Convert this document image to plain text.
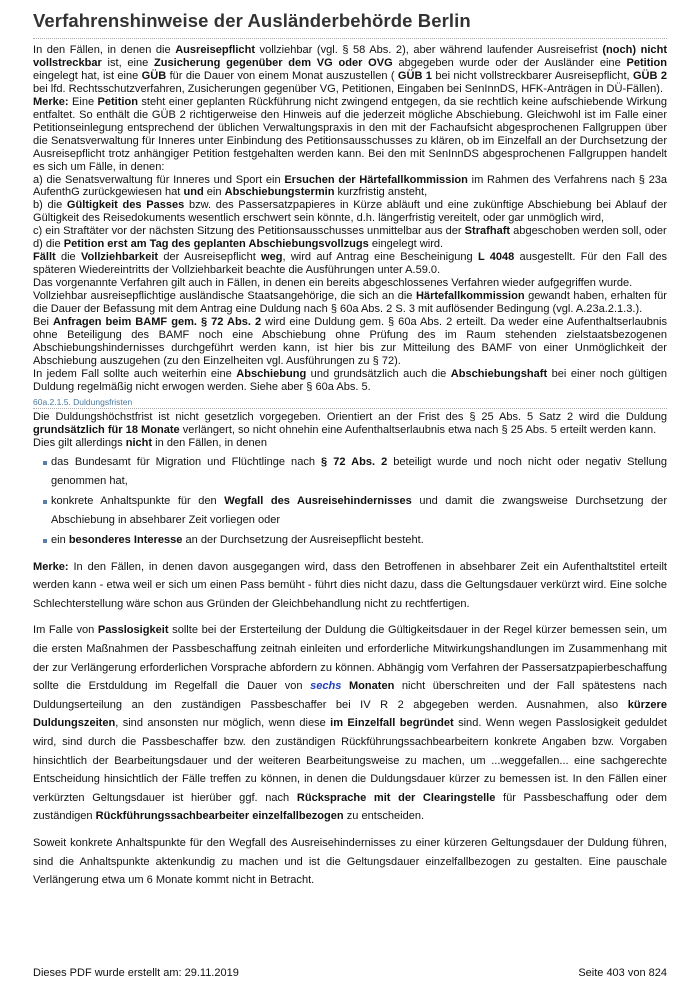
Verfahrenshinweise der Ausländerbehörde Berlin

In den Fällen, in denen die Ausreisepflicht vollziehbar (vgl. § 58 Abs. 2), aber während laufender Ausreisefrist (noch) nicht vollstreckbar ist, eine Zusicherung gegenüber dem VG oder OVG abgegeben wurde oder der Ausländer eine Petition eingelegt hat, ist eine GÜB für die Dauer von einem Monat auszustellen ( GÜB 1 bei nicht vollstreckbarer Ausreisepflicht, GÜB 2 bei lfd. Rechtsschutzverfahren, Zusicherungen gegenüber VG, Petitionen, Eingaben bei SenInnDS, HFK-Anträgen in DÜ-Fällen).

Merke: Eine Petition steht einer geplanten Rückführung nicht zwingend entgegen, da sie rechtlich keine aufschiebende Wirkung entfaltet. So enthält die GÜB 2 richtigerweise den Hinweis auf die jederzeit mögliche Abschiebung. Gleichwohl ist im Falle einer Petitionseinlegung entsprechend der üblichen Verwaltungspraxis in den mit der Fachaufsicht abgesprochenen Fallgruppen über die Senatsverwaltung für Inneres unter Einbindung des Petitionsausschusses zu klären, ob im Einzelfall an der Durchsetzung der Ausreisepflicht trotz anhängiger Petition festgehalten werden kann. Bei den mit SenInnDS abgesprochenen Fallgruppen handelt es sich um Fälle, in denen:

a) die Senatsverwaltung für Inneres und Sport ein Ersuchen der Härtefallkommission im Rahmen des Verfahrens nach § 23a AufenthG zurückgewiesen hat und ein Abschiebungstermin kurzfristig ansteht,

b) die Gültigkeit des Passes bzw. des Passersatzpapieres in Kürze abläuft und eine zukünftige Abschiebung bei Ablauf der Gültigkeit des Reisedokuments wesentlich erschwert sein könnte, d.h. längerfristig vereitelt, oder gar unmöglich wird,

c) ein Straftäter vor der nächsten Sitzung des Petitionsausschusses unmittelbar aus der Strafhaft abgeschoben werden soll, oder

d) die Petition erst am Tag des geplanten Abschiebungsvollzugs eingelegt wird.

Fällt die Vollziehbarkeit der Ausreisepflicht weg, wird auf Antrag eine Bescheinigung L 4048 ausgestellt. Für den Fall des späteren Wiedereintritts der Vollziehbarkeit beachte die Ausführungen unter A.59.0.

Das vorgenannte Verfahren gilt auch in Fällen, in denen ein bereits abgeschlossenes Verfahren wieder aufgegriffen wurde.

Vollziehbar ausreisepflichtige ausländische Staatsangehörige, die sich an die Härtefallkommission gewandt haben, erhalten für die Dauer der Befassung mit dem Antrag eine Duldung nach § 60a Abs. 2 S. 3 mit auflösender Bedingung (vgl. A.23a.2.1.3.).

Bei Anfragen beim BAMF gem. § 72 Abs. 2 wird eine Duldung gem. § 60a Abs. 2 erteilt. Da weder eine Aufenthaltserlaubnis ohne Beteiligung des BAMF noch eine Abschiebung ohne Prüfung des im Raum stehenden zielstaatsbezogenen Abschiebungshindernisses durchgeführt werden kann, ist hier bis zur Mitteilung des BAMF von einer Unmöglichkeit der Abschiebung auszugehen (zu den Einzelheiten vgl. Ausführungen zu § 72).

In jedem Fall sollte auch weiterhin eine Abschiebung und grundsätzlich auch die Abschiebungshaft bei einer noch gültigen Duldung regelmäßig nicht erwogen werden. Siehe aber § 60a Abs. 5.

60a.2.1.5. Duldungsfristen

Die Duldungshöchstfrist ist nicht gesetzlich vorgegeben. Orientiert an der Frist des § 25 Abs. 5 Satz 2 wird die Duldung grundsätzlich für 18 Monate verlängert, so nicht ohnehin eine Aufenthaltserlaubnis etwa nach § 25 Abs. 5 erteilt werden kann.

Dies gilt allerdings nicht in den Fällen, in denen

das Bundesamt für Migration und Flüchtlinge nach § 72 Abs. 2 beteiligt wurde und noch nicht oder negativ Stellung genommen hat,
konkrete Anhaltspunkte für den Wegfall des Ausreisehindernisses und damit die zwangsweise Durchsetzung der Abschiebung in absehbarer Zeit vorliegen oder
ein besonderes Interesse an der Durchsetzung der Ausreisepflicht besteht.

Merke: In den Fällen, in denen davon ausgegangen wird, dass den Betroffenen in absehbarer Zeit ein Aufenthaltstitel erteilt werden kann - etwa weil er sich um einen Pass bemüht - führt dies nicht dazu, dass die Geltungsdauer verkürzt wird. Eine solche Schlechterstellung wäre schon aus Gründen der Gleichbehandlung nicht zu rechtfertigen.

Im Falle von Passlosigkeit sollte bei der Ersterteilung der Duldung die Gültigkeitsdauer in der Regel kürzer bemessen sein, um die ersten Maßnahmen der Passbeschaffung zeitnah einleiten und erforderliche Mitwirkungshandlungen im Zusammenhang mit der zur Verlängerung erforderlichen Vorsprache abfordern zu können. Abhängig vom Verfahren der Passersatzpapierbeschaffung sollte die Erstduldung im Regelfall die Dauer von sechs Monaten nicht überschreiten und der Fall spätestens nach Duldungserteilung an den zuständigen Passbeschaffer bei IV R 2 abgegeben werden. Ausnahmen, also kürzere Duldungszeiten, sind ansonsten nur möglich, wenn diese im Einzelfall begründet sind. Wenn wegen Passlosigkeit geduldet wird, sind durch die Passbeschaffer bzw. den zuständigen Rückführungssachbearbeitern konkrete Angaben bzw. Vorgaben hinsichtlich der Bearbeitungsdauer und der weiteren Bearbeitungsweise zu machen, um ...weggefallen... eine sachgerechte Entscheidung hinsichtlich der Fälle treffen zu können, in denen die Duldungsdauer kürzer zu bemessen ist. In den Fällen einer verkürzten Geltungsdauer ist hierüber ggf. nach Rücksprache mit der Clearingstelle für Passbeschaffung oder dem zuständigen Rückführungssachbearbeiter einzelfallbezogen zu entscheiden.

Soweit konkrete Anhaltspunkte für den Wegfall des Ausreisehindernisses zu einer kürzeren Geltungsdauer der Duldung führen, sind die Anhaltspunkte aktenkundig zu machen und ist die Geltungsdauer einzelfallbezogen zu gestalten. Eine pauschale Verlängerung etwa um 6 Monate kommt nicht in Betracht.

Dieses PDF wurde erstellt am: 29.11.2019	Seite 403 von 824
